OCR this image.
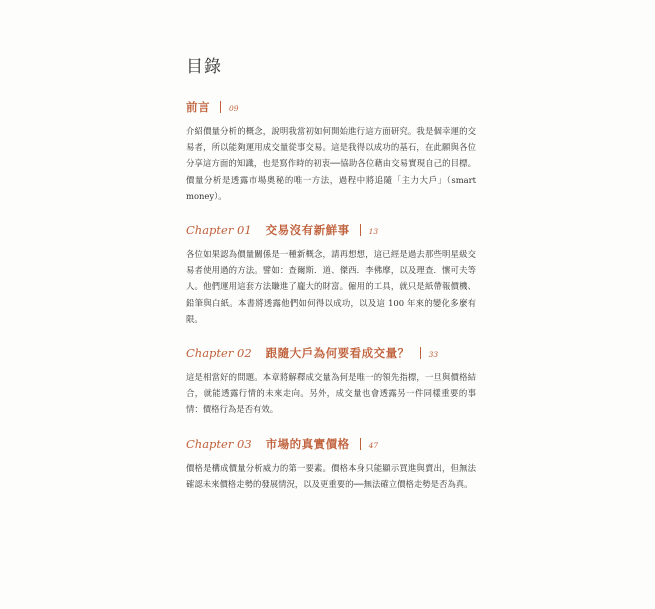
目錄
前言	09

介紹價量分析的概念，說明我當初如何開始進行這方面研究。我是個幸運的交易者，所以能夠運用成交量從事交易。這是我得以成功的基石，在此願與各位分享這方面的知識，也是寫作時的初衷──協助各位藉由交易實現自己的目標。價量分析是透露市場奧秘的唯一方法，過程中將追隨「主力大戶」（smart money）。

Chapter 01 交易沒有新鮮事	13

各位如果認為價量關係是一種新概念，請再想想，這已經是過去那些明星級交易者使用過的方法。譬如：查爾斯．道、傑西．李佛摩，以及理查．懷可夫等人。他們運用這套方法賺進了龐大的財富。僱用的工具，就只是紙帶報價機、鉛筆與白紙。本書將透露他們如何得以成功，以及這 100 年來的變化多麼有限。

Chapter 02 跟隨大戶為何要看成交量？	33

這是相當好的問題。本章將解釋成交量為何是唯一的領先指標，一旦與價格結合，就能透露行情的未來走向。另外，成交量也會透露另一件同樣重要的事情：價格行為是否有效。

Chapter 03 市場的真實價格	47

價格是構成價量分析威力的第一要素。價格本身只能顯示買進與賣出，但無法確認未來價格走勢的發展情況，以及更重要的──無法確立價格走勢是否為真。
